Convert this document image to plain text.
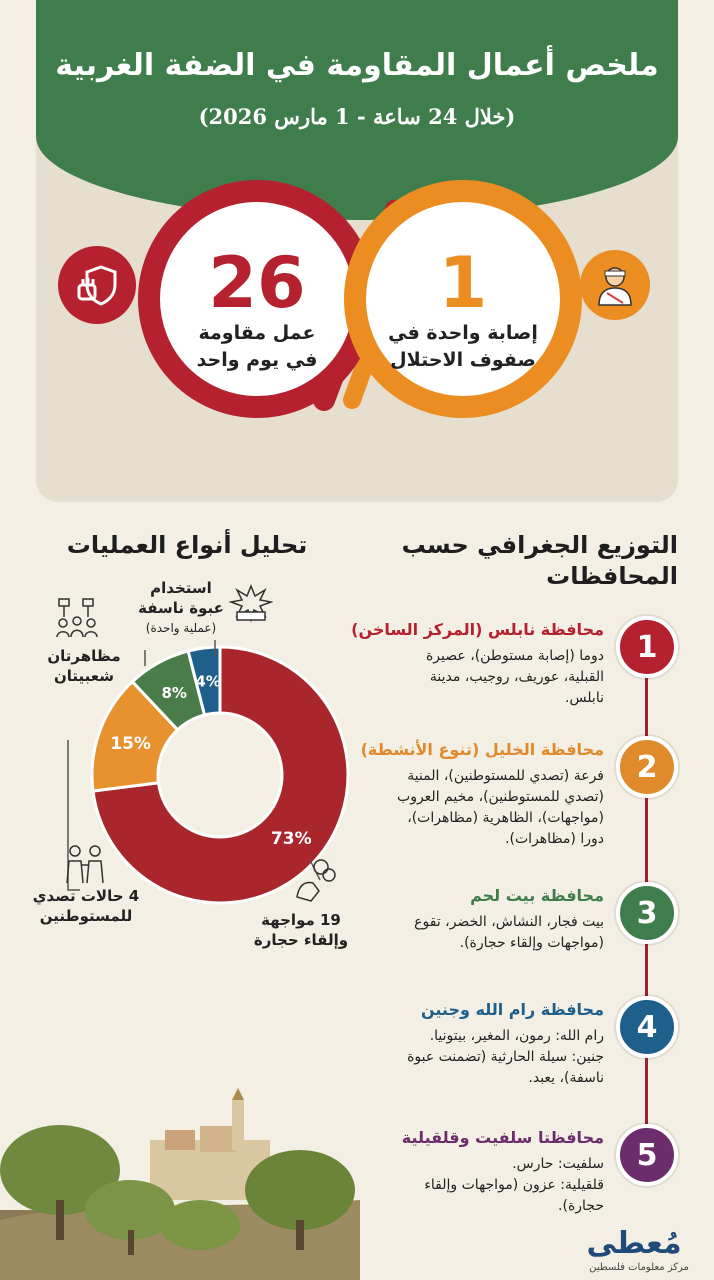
ملخص أعمال المقاومة في الضفة الغربية
(خلال 24 ساعة - 1 مارس 2026)
26
عمل مقاومة
في يوم واحد
1
إصابة واحدة في
صفوف الاحتلال
التوزيع الجغرافي حسب
المحافظات
تحليل أنواع العمليات
1
محافظة نابلس (المركز الساخن)
دوما (إصابة مستوطن)، عصيرة
القبلية، عوريف، روجيب، مدينة
نابلس.
2
محافظة الخليل (تنوع الأنشطة)
فرعة (تصدي للمستوطنين)، المنية
(تصدي للمستوطنين)، مخيم العروب
(مواجهات)، الظاهرية (مظاهرات)،
دورا (مظاهرات).
3
محافظة بيت لحم
بيت فجار، النشاش، الخضر، تقوع
(مواجهات وإلقاء حجارة).
4
محافظة رام الله وجنين
رام الله: رمون، المغير، بيتونيا.
جنين: سيلة الحارثية (تضمنت عبوة
ناسفة)، يعبد.
5
محافظتا سلفيت وقلقيلية
سلفيت: حارس.
قلقيلية: عزون (مواجهات وإلقاء
حجارة).
73%
15%
8%
4%
مظاهرتان
شعبيتان
استخدام
عبوة ناسفة
(عملية واحدة)
4 حالات تصدي
للمستوطنين	19 مواجهة
وإلقاء حجارة
مُعطى
مركز معلومات فلسطين
